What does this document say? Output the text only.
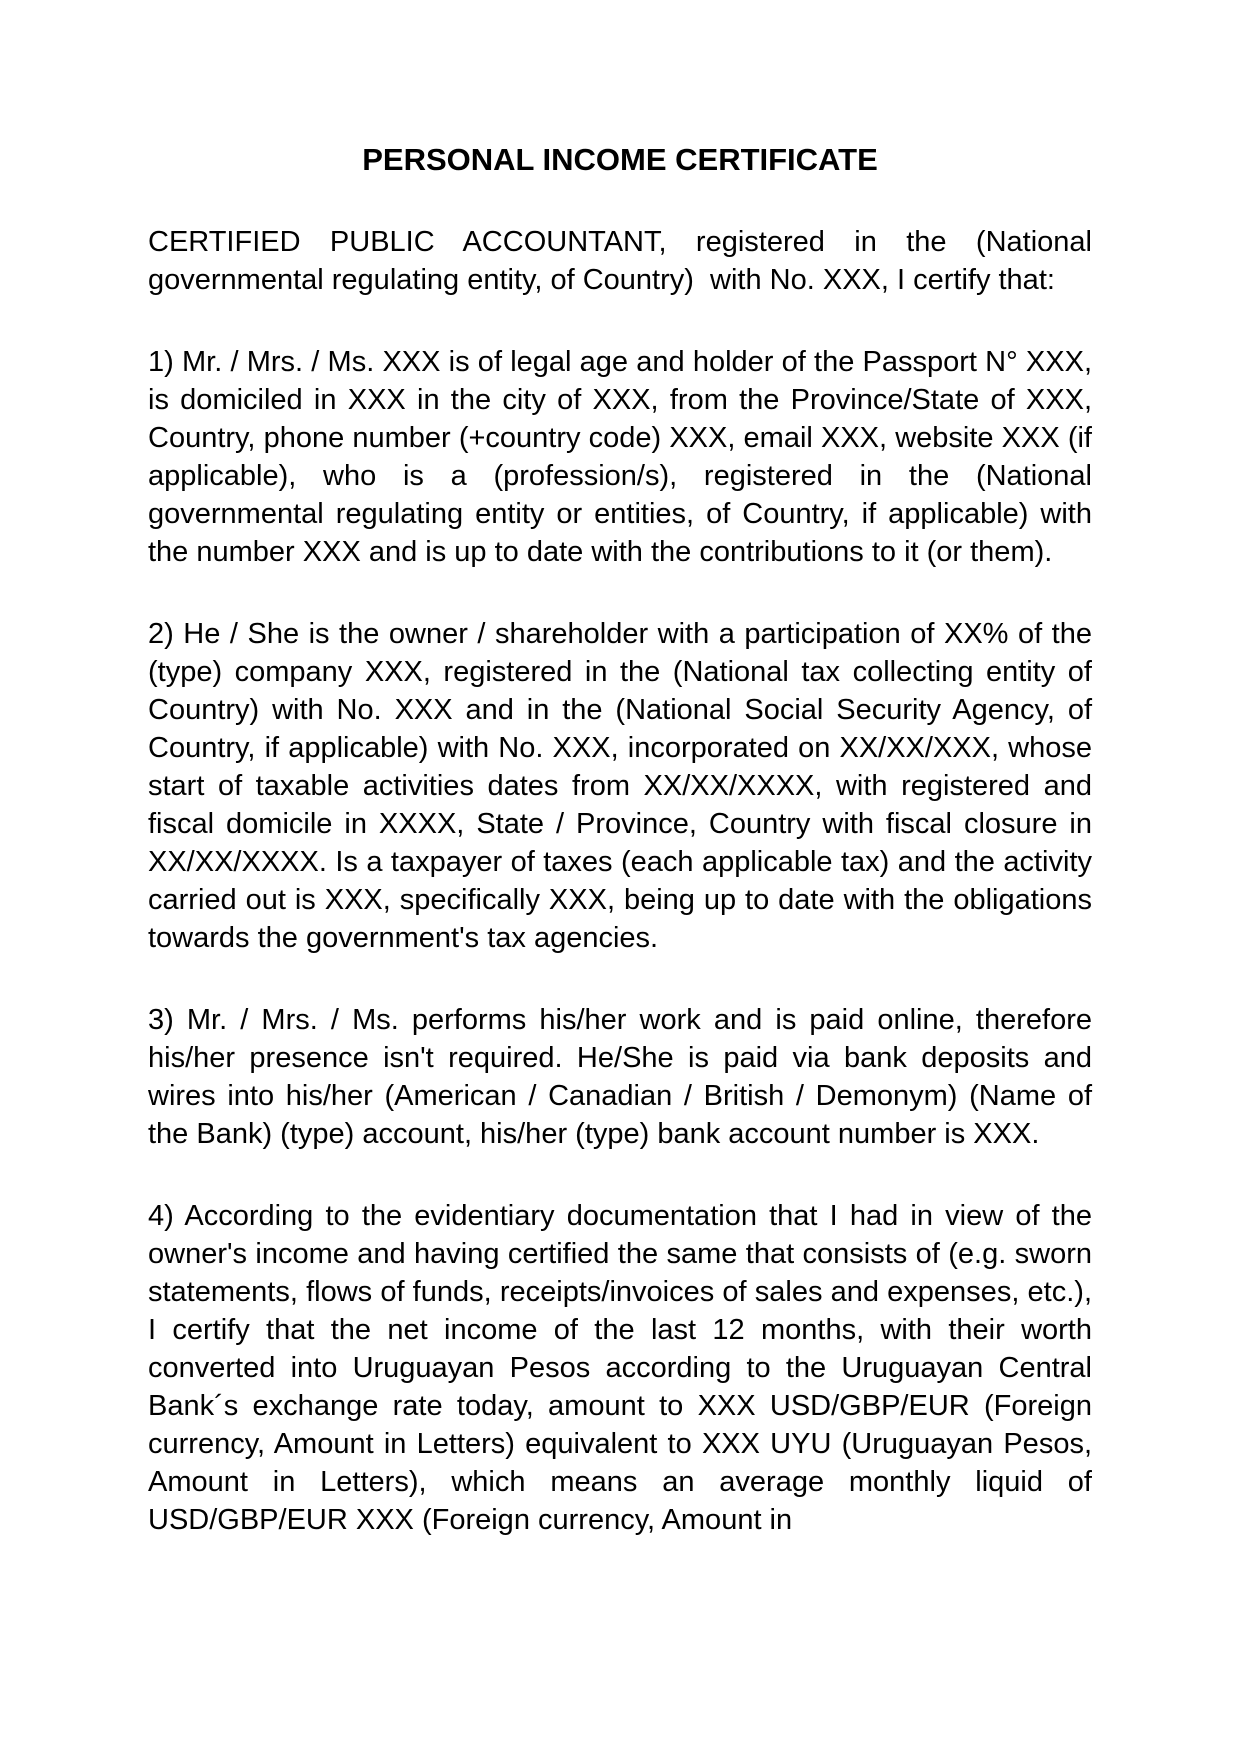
PERSONAL INCOME CERTIFICATE

CERTIFIED PUBLIC ACCOUNTANT, registered in the (National governmental regulating entity, of Country)  with No. XXX, I certify that:

1) Mr. / Mrs. / Ms. XXX is of legal age and holder of the Passport N° XXX, is domiciled in XXX in the city of XXX, from the Province/State of XXX, Country, phone number (+country code) XXX, email XXX, website XXX (if applicable), who is a (profession/s), registered in the (National governmental regulating entity or entities, of Country, if applicable) with the number XXX and is up to date with the contributions to it (or them).

2) He / She is the owner / shareholder with a participation of XX% of the (type) company XXX, registered in the (National tax collecting entity of Country) with No. XXX and in the (National Social Security Agency, of Country, if applicable) with No. XXX, incorporated on XX/XX/XXX, whose start of taxable activities dates from XX/XX/XXXX, with registered and fiscal domicile in XXXX, State / Province, Country with fiscal closure in XX/XX/XXXX. Is a taxpayer of taxes (each applicable tax) and the activity carried out is XXX, specifically XXX, being up to date with the obligations towards the government's tax agencies.

3) Mr. / Mrs. / Ms. performs his/her work and is paid online, therefore his/her presence isn't required. He/She is paid via bank deposits and wires into his/her (American / Canadian / British / Demonym) (Name of the Bank) (type) account, his/her (type) bank account number is XXX.

4) According to the evidentiary documentation that I had in view of the owner's income and having certified the same that consists of (e.g. sworn statements, flows of funds, receipts/invoices of sales and expenses, etc.), I certify that the net income of the last 12 months, with their worth converted into Uruguayan Pesos according to the Uruguayan Central Bank´s exchange rate today, amount to XXX USD/GBP/EUR (Foreign currency, Amount in Letters) equivalent to XXX UYU (Uruguayan Pesos, Amount in Letters), which means an average monthly liquid of USD/GBP/EUR XXX (Foreign currency, Amount in
